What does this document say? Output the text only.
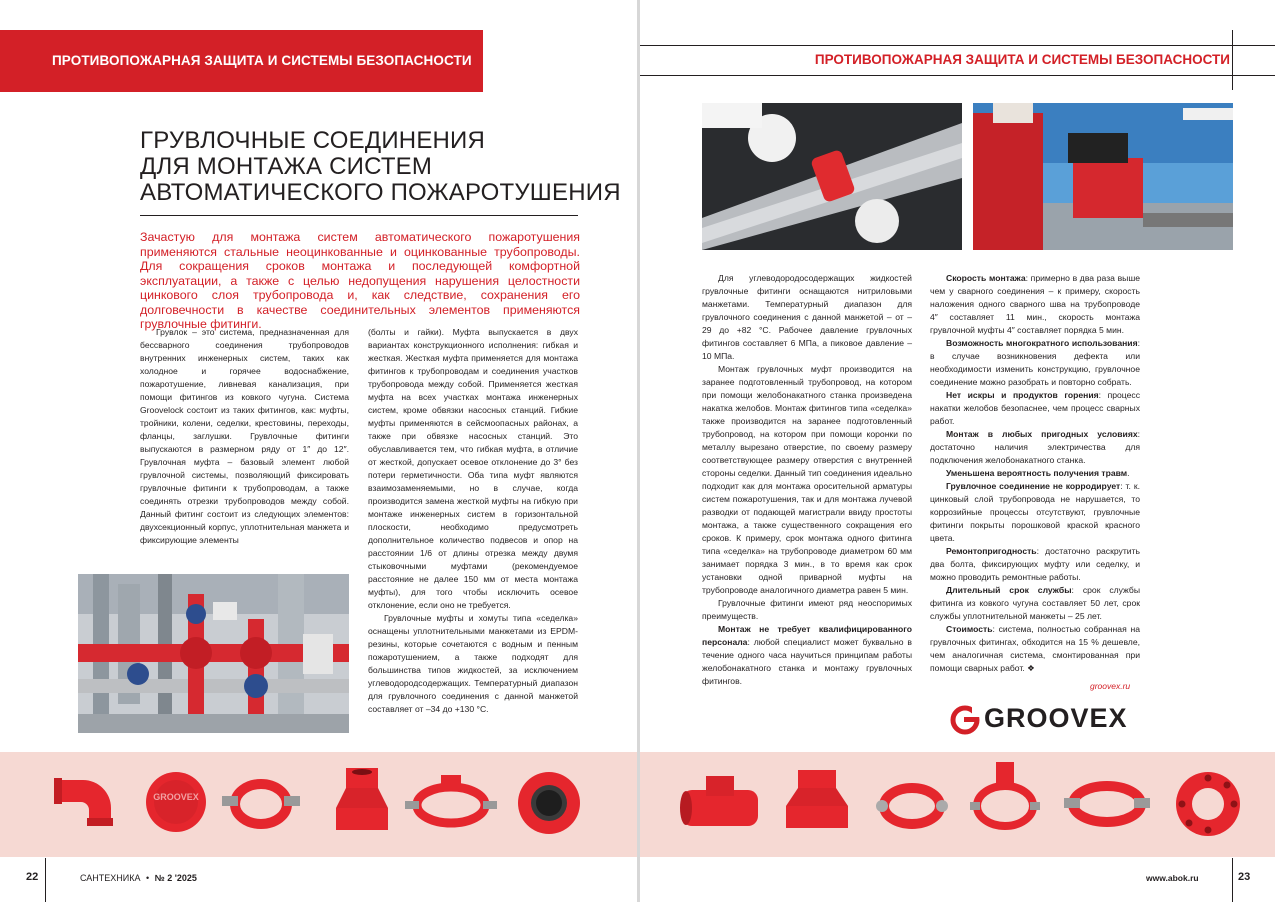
ПРОТИВОПОЖАРНАЯ ЗАЩИТА И СИСТЕМЫ БЕЗОПАСНОСТИ
ГРУВЛОЧНЫЕ СОЕДИНЕНИЯ
ДЛЯ МОНТАЖА СИСТЕМ
АВТОМАТИЧЕСКОГО ПОЖАРОТУШЕНИЯ
Зачастую для монтажа систем автоматического пожаротушения применяются стальные неоцинкованные и оцинкованные трубопроводы. Для сокращения сроков монтажа и последующей комфортной эксплуатации, а также с целью недопущения нарушения целостности цинкового слоя трубопровода и, как следствие, сохранения его долговечности в качестве соединительных элементов применяются грувлочные фитинги.

Грувлок – это система, предназначенная для бесcварного соединения трубопроводов внутренних инженерных систем, таких как холодное и горячее водоснабжение, пожаротушение, ливневая канализация, при помощи фитингов из ковкого чугуна. Система Groovelock состоит из таких фитингов, как: муфты, тройники, колени, седелки, крестовины, переходы, фланцы, заглушки. Грувлочные фитинги выпускаются в размерном ряду от 1″ до 12″. Грувлочная муфта – базовый элемент любой грувлочной системы, позволяющий фиксировать грувлочные фитинги к трубопроводам, а также соединять отрезки трубопроводов между собой. Данный фитинг состоит из следующих элементов: двухсекционный корпус, уплотнительная манжета и фиксирующие элементы

(болты и гайки). Муфта выпускается в двух вариантах конструкционного исполнения: гибкая и жесткая. Жесткая муфта применяется для монтажа фитингов к трубопроводам и соединения участков трубопровода между собой. Применяется жесткая муфта на всех участках монтажа инженерных систем, кроме обвязки насосных станций. Гибкие муфты применяются в сейсмоопасных районах, а также при обвязке насосных станций. Это обуславливается тем, что гибкая муфта, в отличие от жесткой, допускает осевое отклонение до 3° без потери герметичности. Оба типа муфт являются взаимозаменяемыми, но в случае, когда производится замена жесткой муфты на гибкую при монтаже инженерных систем в горизонтальной плоскости, необходимо предусмотреть дополнительное количество подвесов и опор на расстоянии 1/6 от длины отрезка между двумя стыковочными муфтами (рекомендуемое расстояние не далее 150 мм от места монтажа муфты), для того чтобы исключить осевое отклонение, если оно не требуется.

Грувлочные муфты и хомуты типа «седелка» оснащены уплотнительными манжетами из EPDM-резины, которые сочетаются с водным и пенным пожаротушением, а также подходят для большинства типов жидкостей, за исключением углеводородсодержащих. Температурный диапазон для грувлочного соединения с данной манжетой составляет от –34 до +130 °С.

ПРОТИВОПОЖАРНАЯ ЗАЩИТА И СИСТЕМЫ БЕЗОПАСНОСТИ

Для углеводородосодержащих жидкостей грувлочные фитинги оснащаются нитриловыми манжетами. Температурный диапазон для грувлочного соединения с данной манжетой – от –29 до +82 °С. Рабочее давление грувлочных фитингов составляет 6 МПа, а пиковое давление – 10 МПа.

Монтаж грувлочных муфт производится на заранее подготовленный трубопровод, на котором при помощи желобонакатного станка произведена накатка желобов. Монтаж фитингов типа «седелка» также производится на заранее подготовленный трубопровод, на котором при помощи коронки по металлу вырезано отверстие, по своему размеру соответствующее размеру отверстия с внутренней стороны седелки. Данный тип соединения идеально подходит как для монтажа оросительной арматуры систем пожаротушения, так и для монтажа лучевой разводки от подающей магистрали ввиду простоты монтажа, а также существенного сокращения его сроков. К примеру, срок монтажа одного фитинга типа «седелка» на трубопроводе диаметром 60 мм занимает порядка 3 мин., в то время как срок установки одной приварной муфты на трубопроводе аналогичного диаметра равен 5 мин.

Грувлочные фитинги имеют ряд неоспоримых преимуществ.

Монтаж не требует квалифицированного персонала: любой специалист может буквально в течение одного часа научиться принципам работы желобонакатного станка и монтажу грувлочных фитингов.

Скорость монтажа: примерно в два раза выше чем у сварного соединения – к примеру, скорость наложения одного сварного шва на трубопроводе 4″ составляет 11 мин., скорость монтажа грувлочной муфты 4″ составляет порядка 5 мин.

Возможность многократного использования: в случае возникновения дефекта или необходимости изменить конструкцию, грувлочное соединение можно разобрать и повторно собрать.

Нет искры и продуктов горения: процесс накатки желобов безопаснее, чем процесс сварных работ.

Монтаж в любых пригодных условиях: достаточно наличия электричества для подключения желобонакатного станка.

Уменьшена вероятность получения травм.

Грувлочное соединение не корродирует: т. к. цинковый слой трубопровода не нарушается, то коррозийные процессы отсутствуют, грувлочные фитинги покрыты порошковой краской красного цвета.

Ремонтопригодность: достаточно раскрутить два болта, фиксирующих муфту или седелку, и можно проводить ремонтные работы.

Длительный срок службы: срок службы фитинга из ковкого чугуна составляет 50 лет, срок службы уплотнительной манжеты – 25 лет.

Стоимость: система, полностью собранная на грувлочных фитингах, обходится на 15 % дешевле, чем аналогичная система, смонтированная при помощи сварных работ. ❖

groovex.ru
GROOVEX
GROOVEX
22	САНТЕХНИКА • № 2 '2025	www.abok.ru	23
